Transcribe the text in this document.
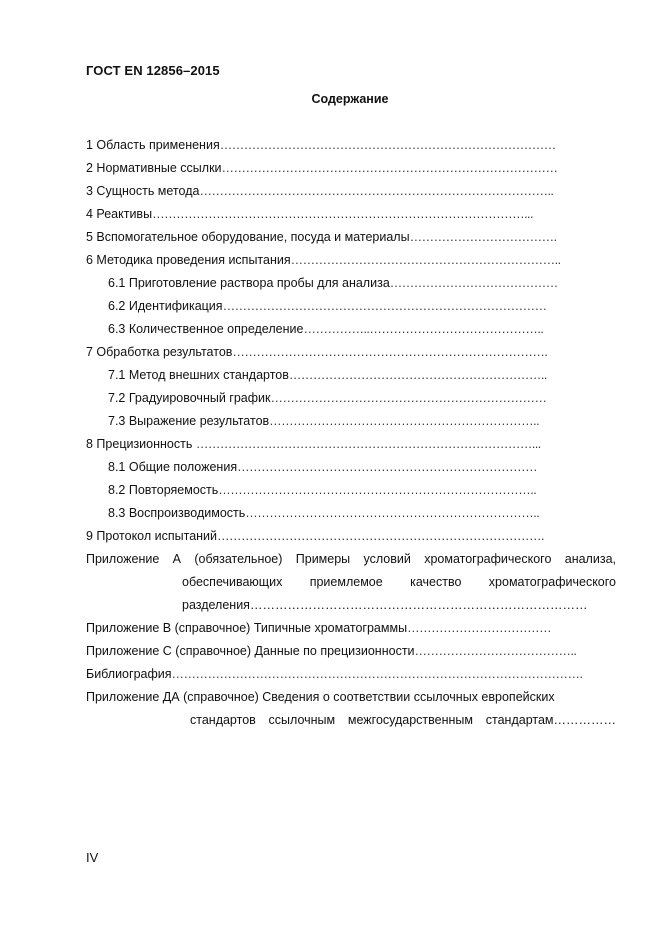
ГОСТ EN 12856–2015
Содержание
1 Область применения…………………………………………………………………………
2 Нормативные ссылки…………………………………………………………………………
3 Сущность метода……………………………………………………………………………..
4 Реактивы…………………………………………………………………………………...
5 Вспомогательное оборудование, посуда и материалы……………………………….
6 Методика проведения испытания…………………………………………………………..
6.1 Приготовление раствора пробы для анализа……………………………………
6.2 Идентификация………………………………………………………………………
6.3 Количественное определение……………..……………………………………..
7 Обработка результатов…………………………………………………………………….
7.1 Метод внешних стандартов………………………………………………………..
7.2 Градуировочный график……………………………………………………………
7.3 Выражение результатов…………………………………………………………..
8 Прецизионность …………………………………………………………………………...
8.1 Общие положения…………………………………………………………………
8.2 Повторяемость……………………………………………………………………..
8.3 Воспроизводимость………………………………………………………………..
9 Протокол испытаний……………………………………………………………………….
Приложение А (обязательное) Примеры условий хроматографического анализа,
обеспечивающих приемлемое качество хроматографического
разделения………………………………………………………………………
Приложение В (справочное) Типичные хроматограммы………………………………
Приложение С (справочное) Данные по прецизионности…………………………………..
Библиография………………………………………………………………………………………….
Приложение ДА (справочное) Сведения о соответствии ссылочных европейских
стандартов ссылочным межгосударственным стандартам……………
IV
